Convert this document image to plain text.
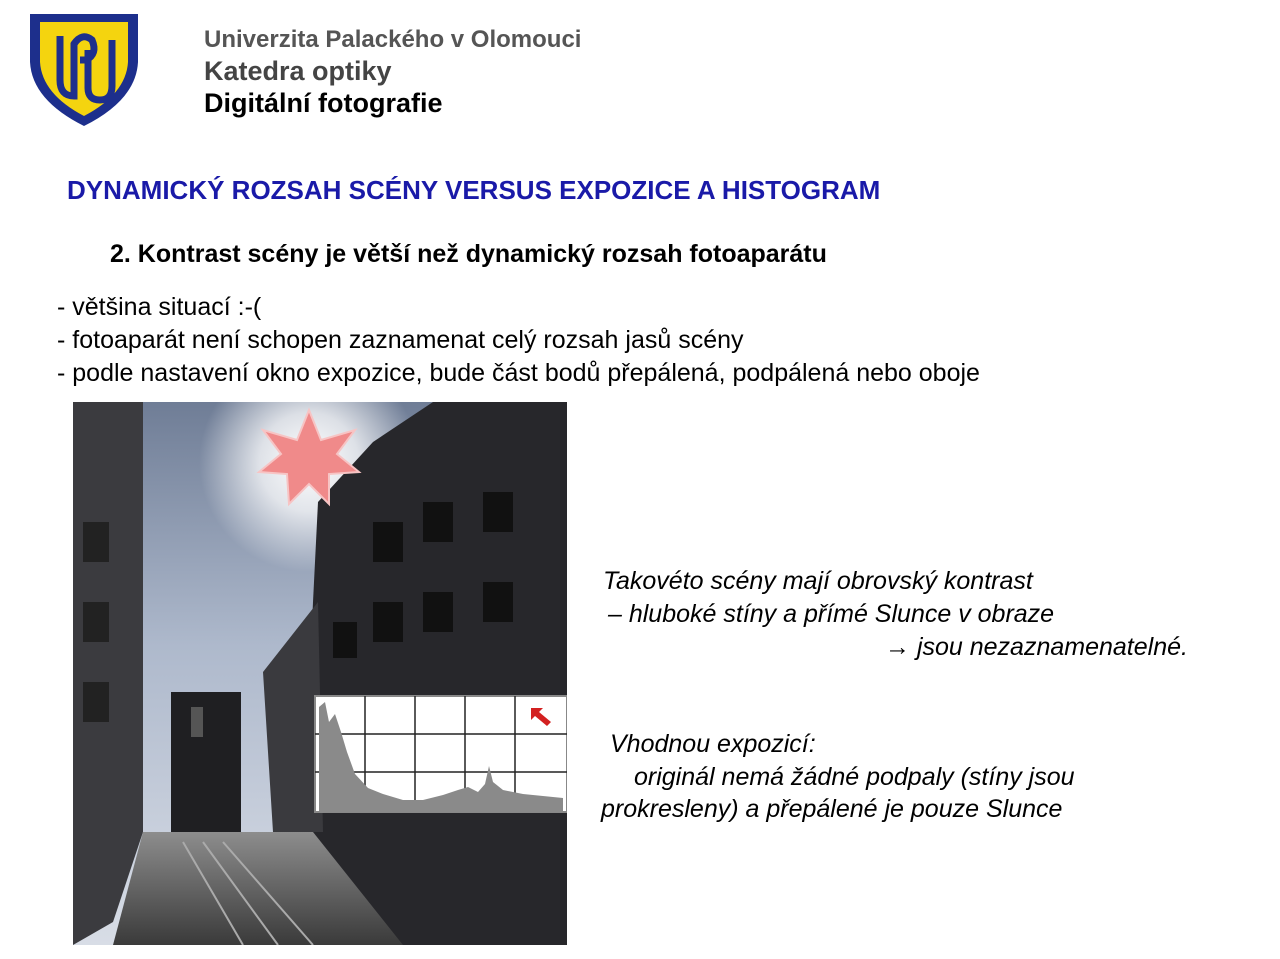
Univerzita Palackého v Olomouci
Katedra optiky
Digitální fotografie
DYNAMICKÝ ROZSAH SCÉNY VERSUS EXPOZICE A HISTOGRAM
2. Kontrast scény je větší než dynamický rozsah fotoaparátu
- většina situací :-(
- fotoaparát není schopen zaznamenat celý rozsah jasů scény
- podle nastavení okno expozice, bude část bodů přepálená, podpálená nebo oboje
Takovéto scény mají obrovský kontrast
– hluboké stíny a přímé Slunce v obraze
→ jsou nezaznamenatelné.
Vhodnou expozicí:
originál nemá žádné podpaly (stíny jsou
prokresleny) a přepálené je pouze Slunce
